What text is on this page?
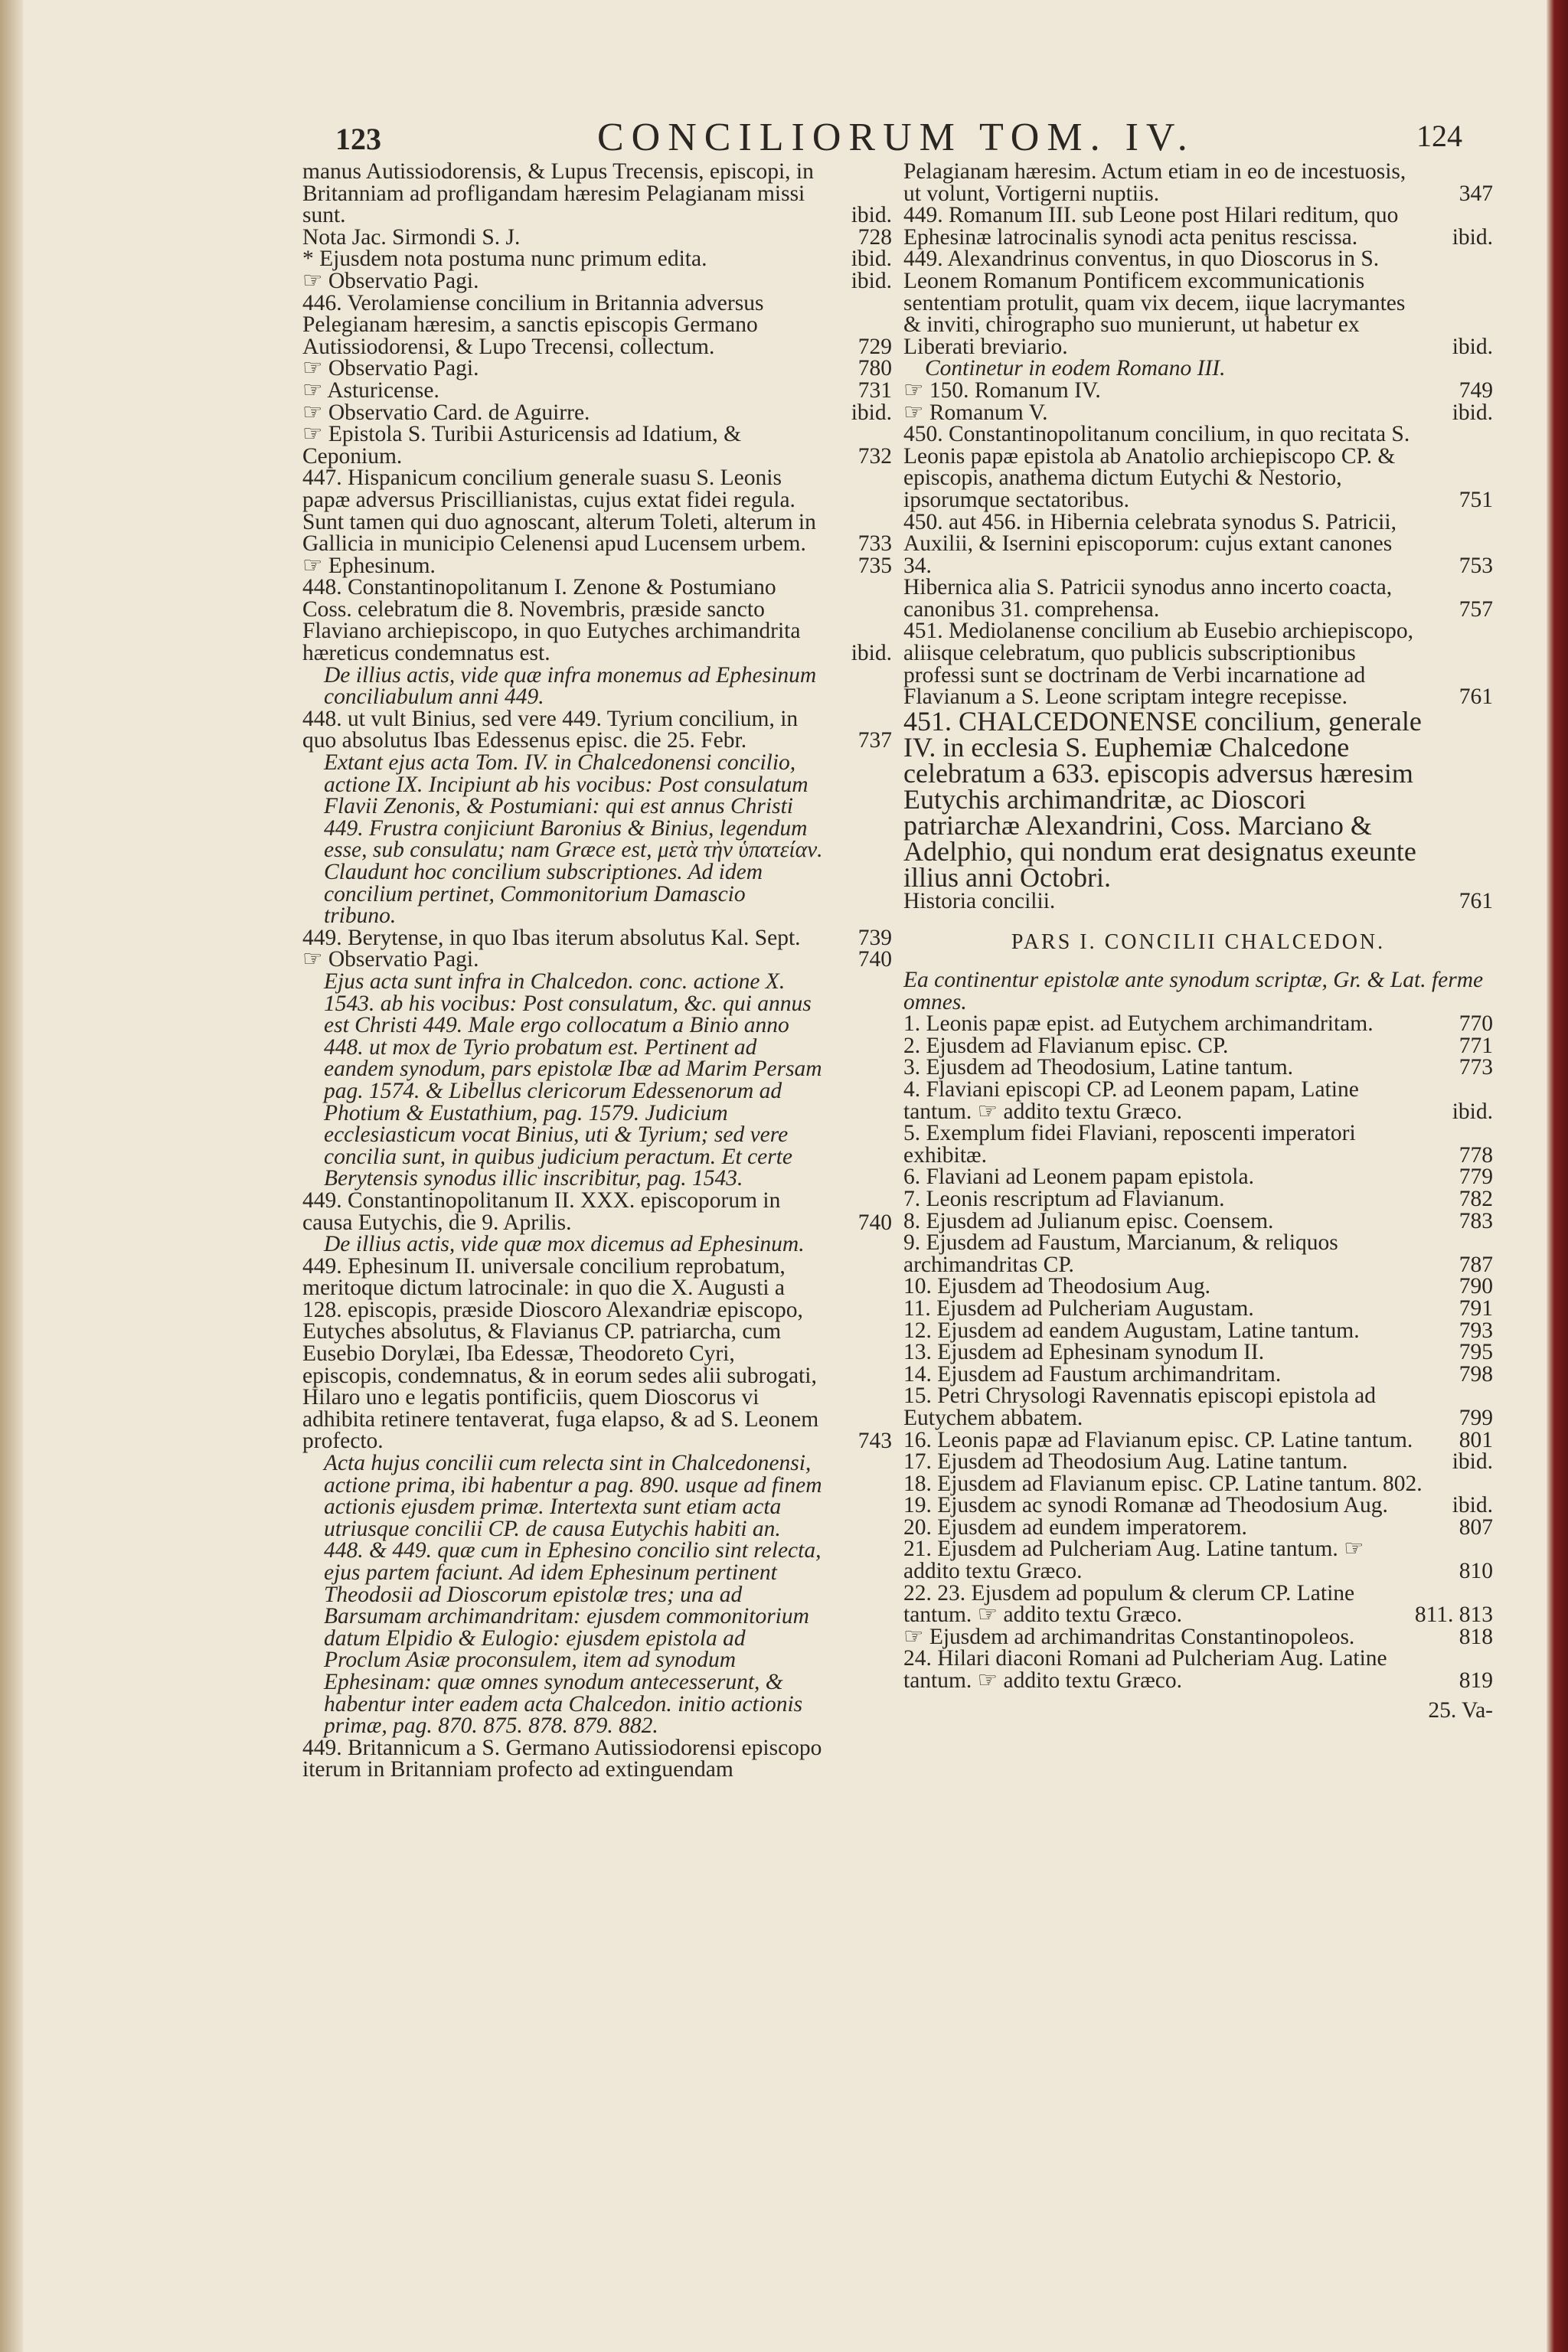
123	CONCILIORUM TOM. IV.	124
manus Autissiodorensis, & Lupus Trecensis, episcopi, in Britanniam ad profligandam hæresim Pelagianam missi sunt.	ibid.
Nota Jac. Sirmondi S. J.	728
* Ejusdem nota postuma nunc primum edita.	ibid.
☞ Observatio Pagi.	ibid.
446. Verolamiense concilium in Britannia adversus Pelegianam hæresim, a sanctis episcopis Germano Autissiodorensi, & Lupo Trecensi, collectum.	729
☞ Observatio Pagi.	780
☞ Asturicense.	731
☞ Observatio Card. de Aguirre.	ibid.
☞ Epistola S. Turibii Asturicensis ad Idatium, & Ceponium.	732
447. Hispanicum concilium generale suasu S. Leonis papæ adversus Priscillianistas, cujus extat fidei regula. Sunt tamen qui duo agnoscant, alterum Toleti, alterum in Gallicia in municipio Celenensi apud Lucensem urbem. 733
☞ Ephesinum.	735
448. Constantinopolitanum I. Zenone & Postumiano Coss. celebratum die 8. Novembris, præside sancto Flaviano archiepiscopo, in quo Eutyches archimandrita hæreticus condemnatus est.	ibid.
De illius actis, vide quæ infra monemus ad Ephesinum conciliabulum anni 449.
448. ut vult Binius, sed vere 449. Tyrium concilium, in quo absolutus Ibas Edessenus episc. die 25. Febr.	737
Extant ejus acta Tom. IV. in Chalcedonensi concilio, actione IX. Incipiunt ab his vocibus: Post consulatum Flavii Zenonis, & Postumiani: qui est annus Christi 449. Frustra conjiciunt Baronius & Binius, legendum esse, sub consulatu; nam Græce est, μετὰ τὴν ὑπατείαν. Claudunt hoc concilium subscriptiones. Ad idem concilium pertinet, Commonitorium Damascio tribuno.
449. Berytense, in quo Ibas iterum absolutus Kal. Sept.	739
☞ Observatio Pagi.	740
Ejus acta sunt infra in Chalcedon. conc. actione X. 1543. ab his vocibus: Post consulatum, &c. qui annus est Christi 449. Male ergo collocatum a Binio anno 448. ut mox de Tyrio probatum est. Pertinent ad eandem synodum, pars epistolæ Ibæ ad Marim Persam pag. 1574. & Libellus clericorum Edessenorum ad Photium & Eustathium, pag. 1579. Judicium ecclesiasticum vocat Binius, uti & Tyrium; sed vere concilia sunt, in quibus judicium peractum. Et certe Berytensis synodus illic inscribitur, pag. 1543.
449. Constantinopolitanum II. XXX. episcoporum in causa Eutychis, die 9. Aprilis.	740
De illius actis, vide quæ mox dicemus ad Ephesinum.
449. Ephesinum II. universale concilium reprobatum, meritoque dictum latrocinale: in quo die X. Augusti a 128. episcopis, præside Dioscoro Alexandriæ episcopo, Eutyches absolutus, & Flavianus CP. patriarcha, cum Eusebio Dorylæi, Iba Edessæ, Theodoreto Cyri, episcopis, condemnatus, & in eorum sedes alii subrogati, Hilaro uno e legatis pontificiis, quem Dioscorus vi adhibita retinere tentaverat, fuga elapso, & ad S. Leonem profecto.	743
Acta hujus concilii cum relecta sint in Chalcedonensi, actione prima, ibi habentur a pag. 890. usque ad finem actionis ejusdem primæ. Intertexta sunt etiam acta utriusque concilii CP. de causa Eutychis habiti an. 448. & 449. quæ cum in Ephesino concilio sint relecta, ejus partem faciunt. Ad idem Ephesinum pertinent Theodosii ad Dioscorum epistolæ tres; una ad Barsumam archimandritam: ejusdem commonitorium datum Elpidio & Eulogio: ejusdem epistola ad Proclum Asiæ proconsulem, item ad synodum Ephesinam: quæ omnes synodum antecesserunt, & habentur inter eadem acta Chalcedon. initio actionis primæ, pag. 870. 875. 878. 879. 882.
449. Britannicum a S. Germano Autissiodorensi episcopo iterum in Britanniam profecto ad extinguendam
Pelagianam hæresim. Actum etiam in eo de incestuosis, ut volunt, Vortigerni nuptiis.	347
449. Romanum III. sub Leone post Hilari reditum, quo Ephesinæ latrocinalis synodi acta penitus rescissa.	ibid.
449. Alexandrinus conventus, in quo Dioscorus in S. Leonem Romanum Pontificem excommunicationis sententiam protulit, quam vix decem, iique lacrymantes & inviti, chirographo suo munierunt, ut habetur ex Liberati breviario.	ibid.
Continetur in eodem Romano III.
☞ 150. Romanum IV.	749
☞ Romanum V.	ibid.
450. Constantinopolitanum concilium, in quo recitata S. Leonis papæ epistola ab Anatolio archiepiscopo CP. & episcopis, anathema dictum Eutychi & Nestorio, ipsorumque sectatoribus.	751
450. aut 456. in Hibernia celebrata synodus S. Patricii, Auxilii, & Isernini episcoporum: cujus extant canones 34.	753
Hibernica alia S. Patricii synodus anno incerto coacta, canonibus 31. comprehensa.	757
451. Mediolanense concilium ab Eusebio archiepiscopo, aliisque celebratum, quo publicis subscriptionibus professi sunt se doctrinam de Verbi incarnatione ad Flavianum a S. Leone scriptam integre recepisse.	761
451. CHALCEDONENSE concilium, generale IV. in ecclesia S. Euphemiæ Chalcedone celebratum a 633. episcopis adversus hæresim Eutychis archimandritæ, ac Dioscori patriarchæ Alexandrini, Coss. Marciano & Adelphio, qui nondum erat designatus exeunte illius anni Octobri.
Historia concilii.	761
PARS I. CONCILII CHALCEDON.
Ea continentur epistolæ ante synodum scriptæ, Gr. & Lat. ferme omnes.
1. Leonis papæ epist. ad Eutychem archimandritam.	770
2. Ejusdem ad Flavianum episc. CP.	771
3. Ejusdem ad Theodosium, Latine tantum.	773
4. Flaviani episcopi CP. ad Leonem papam, Latine tantum. ☞ addito textu Græco.	ibid.
5. Exemplum fidei Flaviani, reposcenti imperatori exhibitæ.	778
6. Flaviani ad Leonem papam epistola.	779
7. Leonis rescriptum ad Flavianum.	782
8. Ejusdem ad Julianum episc. Coensem.	783
9. Ejusdem ad Faustum, Marcianum, & reliquos archimandritas CP.	787
10. Ejusdem ad Theodosium Aug.	790
11. Ejusdem ad Pulcheriam Augustam.	791
12. Ejusdem ad eandem Augustam, Latine tantum.	793
13. Ejusdem ad Ephesinam synodum II.	795
14. Ejusdem ad Faustum archimandritam.	798
15. Petri Chrysologi Ravennatis episcopi epistola ad Eutychem abbatem.	799
16. Leonis papæ ad Flavianum episc. CP. Latine tantum. 801
17. Ejusdem ad Theodosium Aug. Latine tantum.	ibid.
18. Ejusdem ad Flavianum episc. CP. Latine tantum. 802.
19. Ejusdem ac synodi Romanæ ad Theodosium Aug.	ibid.
20. Ejusdem ad eundem imperatorem.	807
21. Ejusdem ad Pulcheriam Aug. Latine tantum. ☞ addito textu Græco.	810
22. 23. Ejusdem ad populum & clerum CP. Latine tantum. ☞ addito textu Græco.	811. 813
☞ Ejusdem ad archimandritas Constantinopoleos.	818
24. Hilari diaconi Romani ad Pulcheriam Aug. Latine tantum. ☞ addito textu Græco.	819
25. Va-
